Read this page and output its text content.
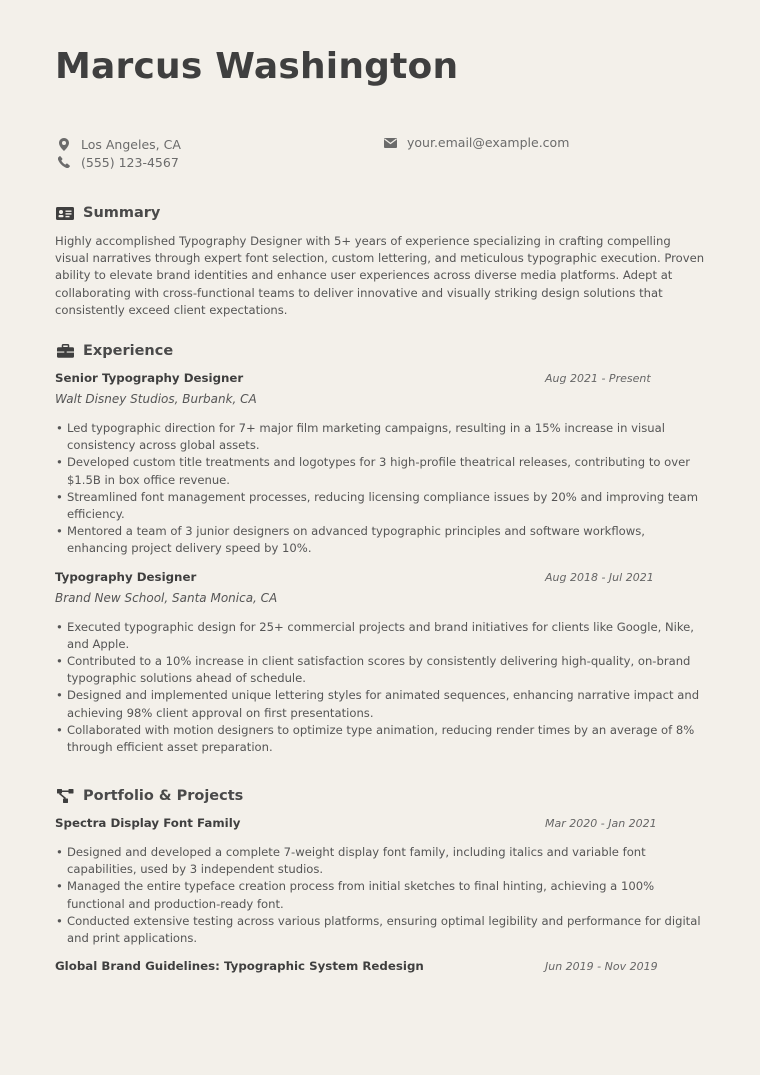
Marcus Washington
Los Angeles, CA	your.email@example.com
(555) 123-4567
Summary

Highly accomplished Typography Designer with 5+ years of experience specializing in crafting compelling visual narratives through expert font selection, custom lettering, and meticulous typographic execution. Proven ability to elevate brand identities and enhance user experiences across diverse media platforms. Adept at collaborating with cross-functional teams to deliver innovative and visually striking design solutions that consistently exceed client expectations.

Experience
Senior Typography Designer	Aug 2021 - Present
Walt Disney Studios, Burbank, CA
• Led typographic direction for 7+ major film marketing campaigns, resulting in a 15% increase in visual consistency across global assets.
• Developed custom title treatments and logotypes for 3 high-profile theatrical releases, contributing to over $1.5B in box office revenue.
• Streamlined font management processes, reducing licensing compliance issues by 20% and improving team efficiency.
• Mentored a team of 3 junior designers on advanced typographic principles and software workflows, enhancing project delivery speed by 10%.
Typography Designer	Aug 2018 - Jul 2021
Brand New School, Santa Monica, CA
• Executed typographic design for 25+ commercial projects and brand initiatives for clients like Google, Nike, and Apple.
• Contributed to a 10% increase in client satisfaction scores by consistently delivering high-quality, on-brand typographic solutions ahead of schedule.
• Designed and implemented unique lettering styles for animated sequences, enhancing narrative impact and achieving 98% client approval on first presentations.
• Collaborated with motion designers to optimize type animation, reducing render times by an average of 8% through efficient asset preparation.
Portfolio & Projects
Spectra Display Font Family	Mar 2020 - Jan 2021
• Designed and developed a complete 7-weight display font family, including italics and variable font capabilities, used by 3 independent studios.
• Managed the entire typeface creation process from initial sketches to final hinting, achieving a 100% functional and production-ready font.
• Conducted extensive testing across various platforms, ensuring optimal legibility and performance for digital and print applications.
Global Brand Guidelines: Typographic System Redesign	Jun 2019 - Nov 2019
